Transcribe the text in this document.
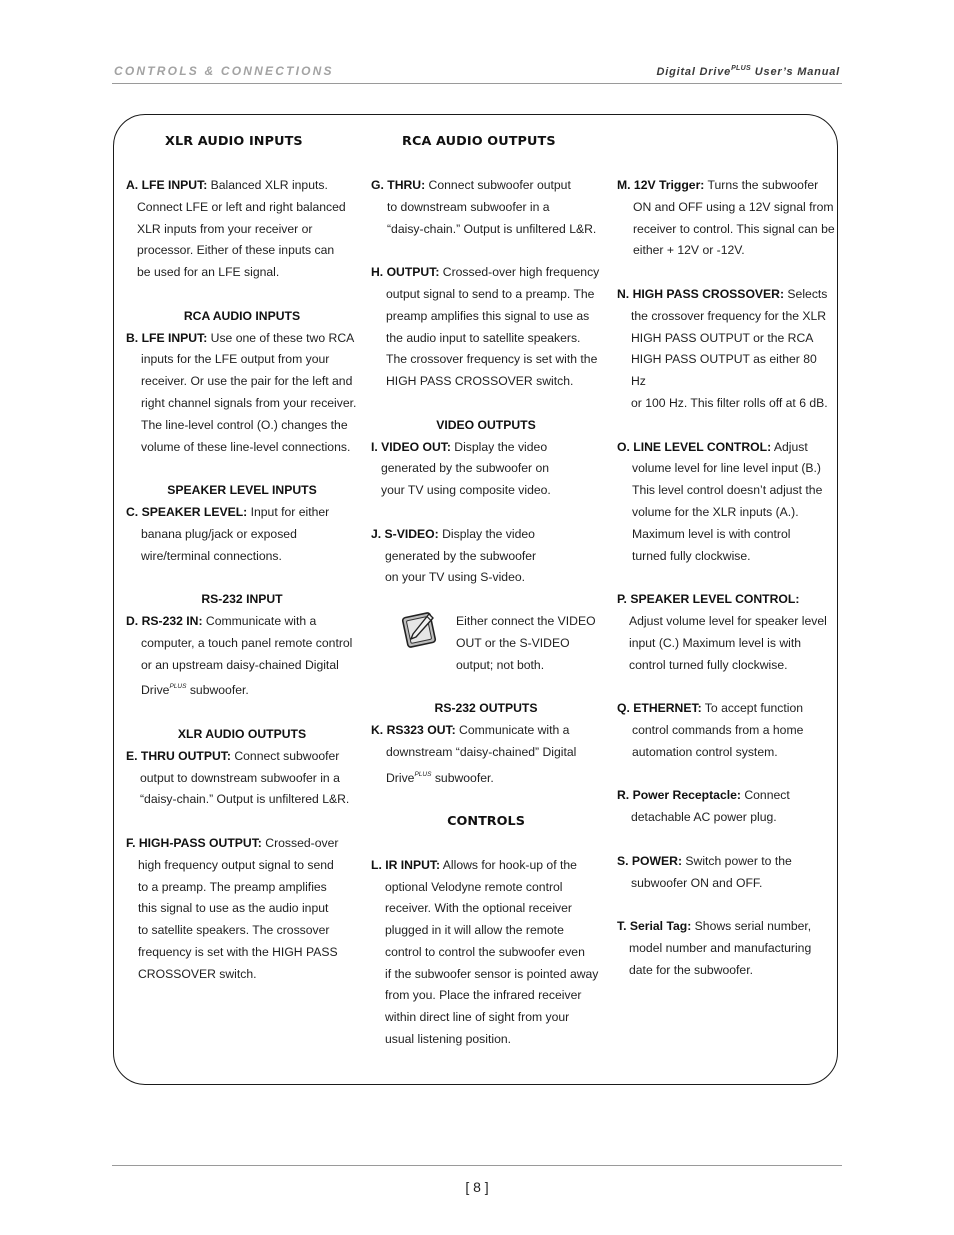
CONTROLS & CONNECTIONS	Digital Drive$^{PLUS}$ User’s Manual
XLR AUDIO INPUTS	RCA AUDIO OUTPUTS
A. LFE INPUT: Balanced XLR inputs.
Connect LFE or left and right balanced
XLR inputs from your receiver or
processor. Either of these inputs can
be used for an LFE signal.
RCA AUDIO INPUTS
B. LFE INPUT: Use one of these two RCA
inputs for the LFE output from your
receiver. Or use the pair for the left and
right channel signals from your receiver.
The line-level control (O.) changes the
volume of these line-level connections.
SPEAKER LEVEL INPUTS
C. SPEAKER LEVEL: Input for either
banana plug/jack or exposed
wire/terminal connections.
RS-232 INPUT
D. RS-232 IN: Communicate with a
computer, a touch panel remote control
or an upstream daisy-chained Digital
Drive$^{PLUS}$ subwoofer.
XLR AUDIO OUTPUTS
E. THRU OUTPUT: Connect subwoofer
output to downstream subwoofer in a
“daisy-chain.” Output is unfiltered L&R.
F. HIGH-PASS OUTPUT: Crossed-over
high frequency output signal to send
to a preamp. The preamp amplifies
this signal to use as the audio input
to satellite speakers. The crossover
frequency is set with the HIGH PASS
CROSSOVER switch.
G. THRU: Connect subwoofer output
to downstream subwoofer in a
“daisy-chain.” Output is unfiltered L&R.
H. OUTPUT: Crossed-over high frequency
output signal to send to a preamp. The
preamp amplifies this signal to use as
the audio input to satellite speakers.
The crossover frequency is set with the
HIGH PASS CROSSOVER switch.
VIDEO OUTPUTS
I. VIDEO OUT: Display the video
generated by the subwoofer on
your TV using composite video.
J. S-VIDEO: Display the video
generated by the subwoofer
on your TV using S-video.
Either connect the VIDEO
OUT or the S-VIDEO
output; not both.
RS-232 OUTPUTS
K. RS323 OUT: Communicate with a
downstream “daisy-chained” Digital
Drive$^{PLUS}$ subwoofer.
CONTROLS
L. IR INPUT: Allows for hook-up of the
optional Velodyne remote control
receiver. With the optional receiver
plugged in it will allow the remote
control to control the subwoofer even
if the subwoofer sensor is pointed away
from you. Place the infrared receiver
within direct line of sight from your
usual listening position.
M. 12V Trigger: Turns the subwoofer
ON and OFF using a 12V signal from
receiver to control. This signal can be
either + 12V or -12V.
N. HIGH PASS CROSSOVER: Selects
the crossover frequency for the XLR
HIGH PASS OUTPUT or the RCA
HIGH PASS OUTPUT as either 80 Hz
or 100 Hz. This filter rolls off at 6 dB.
O. LINE LEVEL CONTROL: Adjust
volume level for line level input (B.)
This level control doesn’t adjust the
volume for the XLR inputs (A.).
Maximum level is with control
turned fully clockwise.
P. SPEAKER LEVEL CONTROL:
Adjust volume level for speaker level
input (C.) Maximum level is with
control turned fully clockwise.
Q. ETHERNET: To accept function
control commands from a home
automation control system.
R. Power Receptacle: Connect
detachable AC power plug.
S. POWER: Switch power to the
subwoofer ON and OFF.
T. Serial Tag: Shows serial number,
model number and manufacturing
date for the subwoofer.
[ 8 ]
